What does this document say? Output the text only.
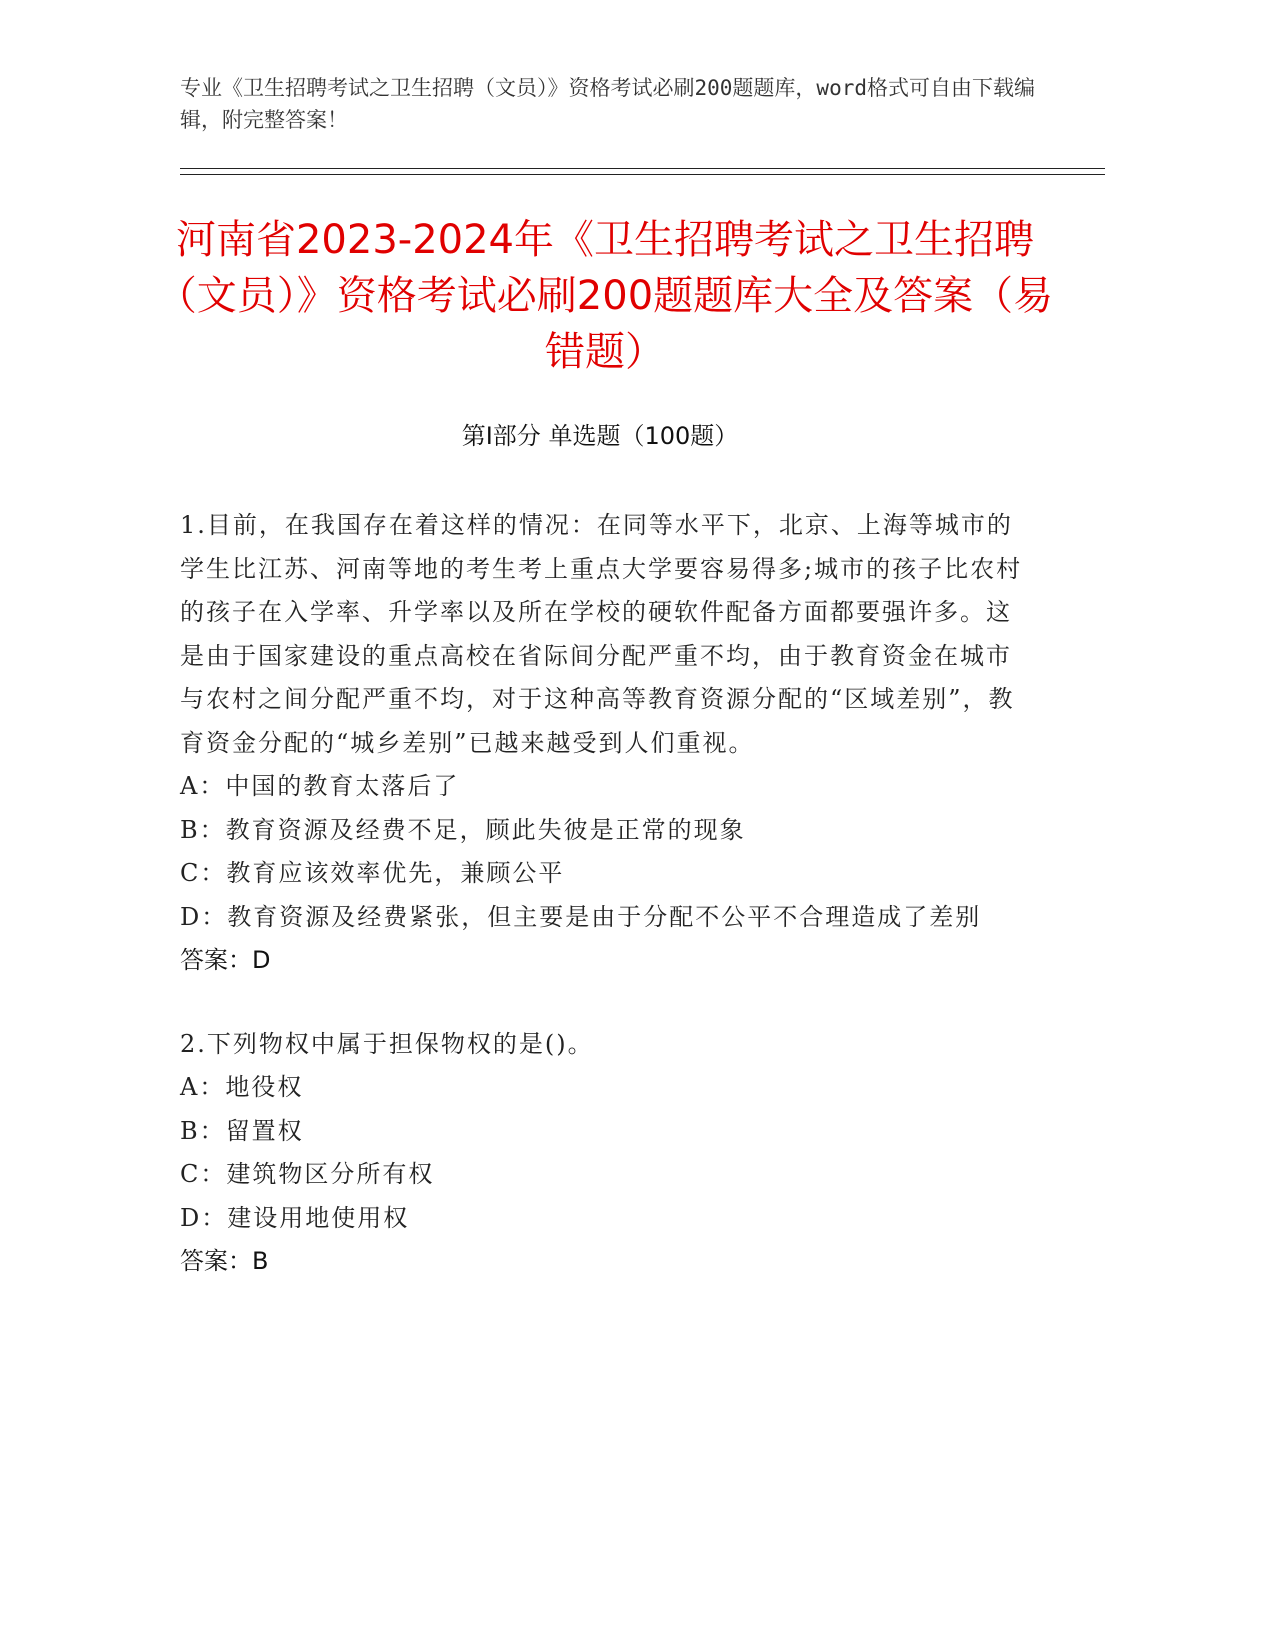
专业《卫生招聘考试之卫生招聘（文员）》资格考试必刷200题题库，word格式可自由下载编辑，附完整答案！
河南省2023-2024年《卫生招聘考试之卫生招聘（文员）》资格考试必刷200题题库大全及答案（易错题）
第Ⅰ部分 单选题（100题）

1.目前，在我国存在着这样的情况：在同等水平下，北京、上海等城市的学生比江苏、河南等地的考生考上重点大学要容易得多;城市的孩子比农村的孩子在入学率、升学率以及所在学校的硬软件配备方面都要强许多。这是由于国家建设的重点高校在省际间分配严重不均，由于教育资金在城市与农村之间分配严重不均，对于这种高等教育资源分配的“区域差别”，教育资金分配的“城乡差别”已越来越受到人们重视。

A：中国的教育太落后了

B：教育资源及经费不足，顾此失彼是正常的现象

C：教育应该效率优先，兼顾公平

D：教育资源及经费紧张，但主要是由于分配不公平不合理造成了差别

答案：D

2.下列物权中属于担保物权的是()。

A：地役权

B：留置权

C：建筑物区分所有权

D：建设用地使用权

答案：B
